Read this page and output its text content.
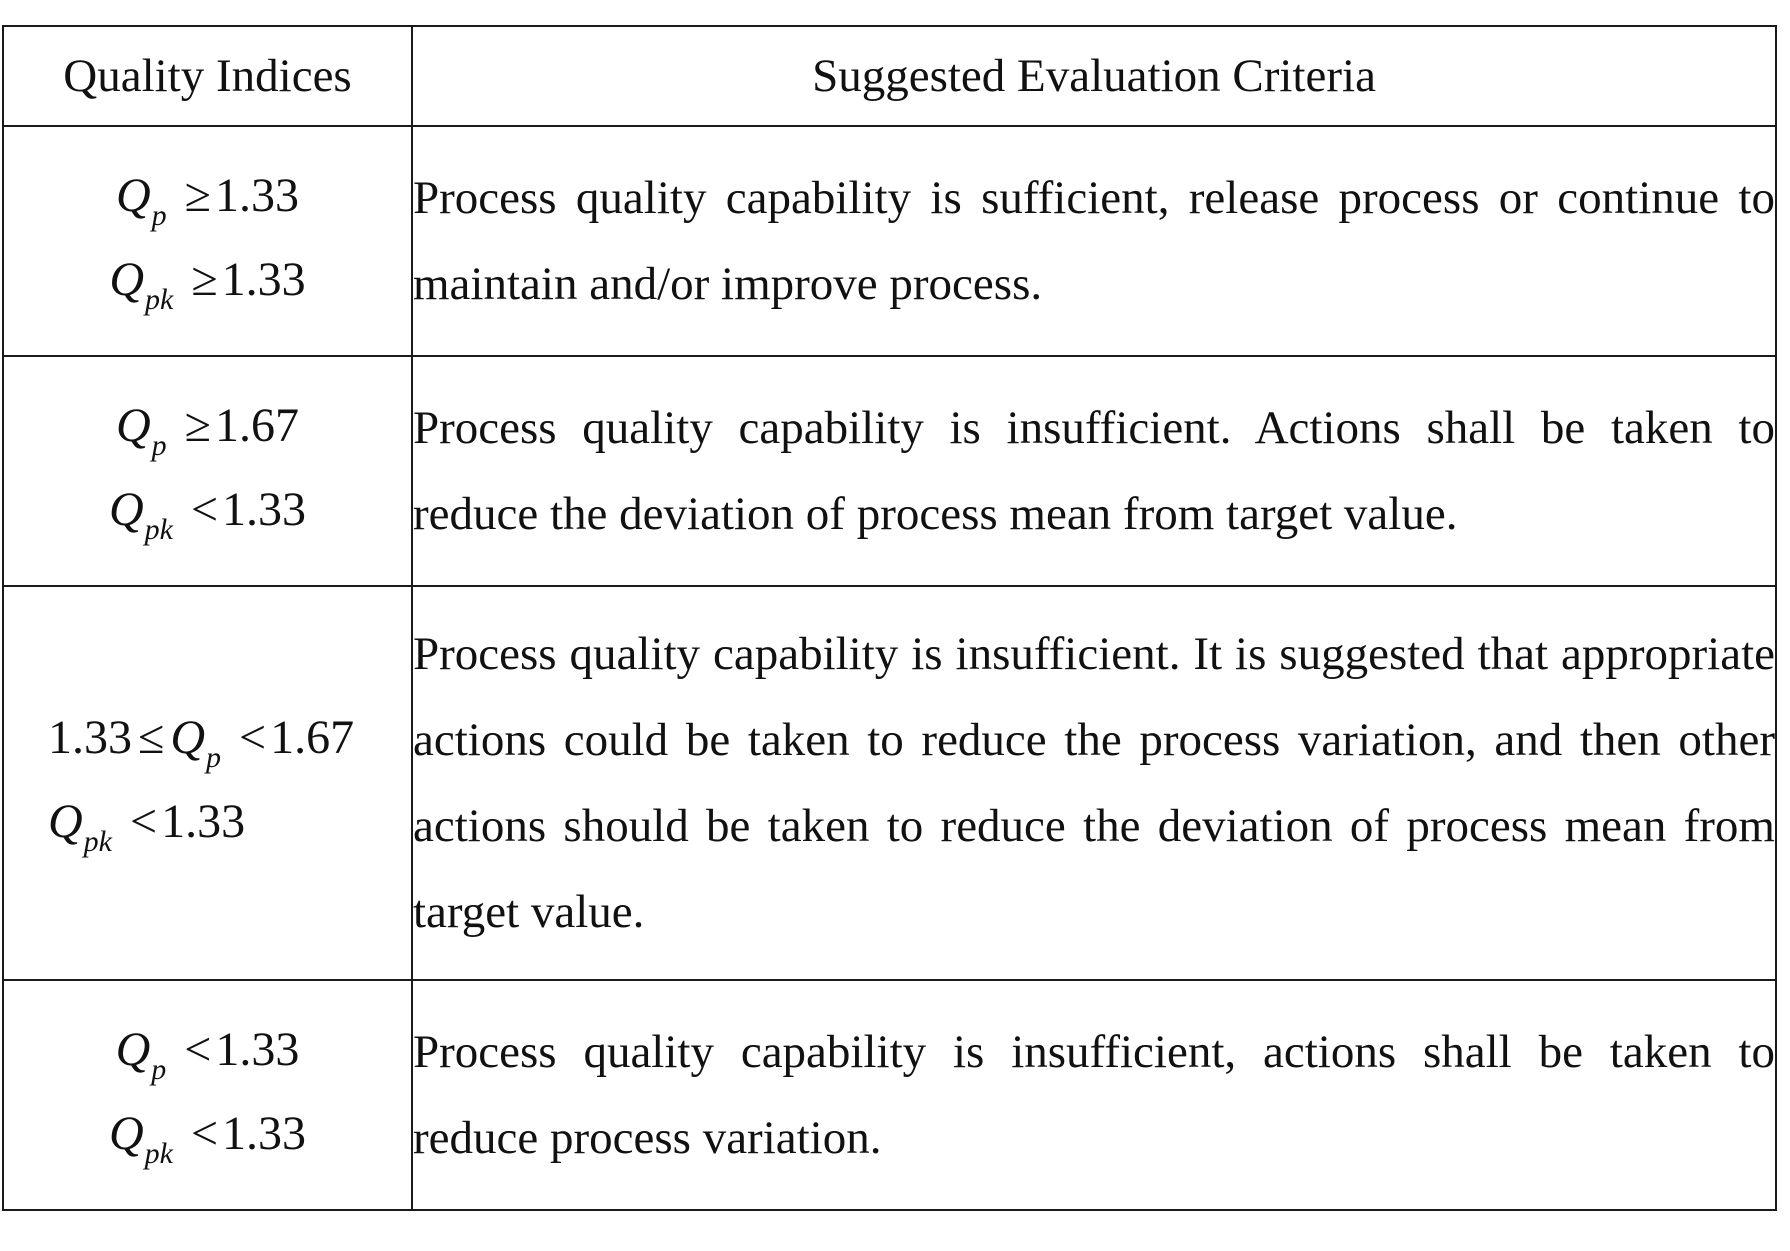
Quality Indices	Suggested Evaluation Criteria

$Q_p \ge 1.33$
$Q_{pk} \ge 1.33$	Process quality capability is sufficient, release process or continue to maintain and/or improve process.

$Q_p \ge 1.67$
$Q_{pk} <1.33$	Process quality capability is insufficient. Actions shall be taken to reduce the deviation of process mean from target value.

$1.33 \le Q_p <1.67$
$Q_{pk} <1.33$	Process quality capability is insufficient. It is suggested that appropriate actions could be taken to reduce the process variation, and then other actions should be taken to reduce the deviation of process mean from target value.

$Q_p <1.33$
$Q_{pk} <1.33$	Process quality capability is insufficient, actions shall be taken to reduce process variation.
